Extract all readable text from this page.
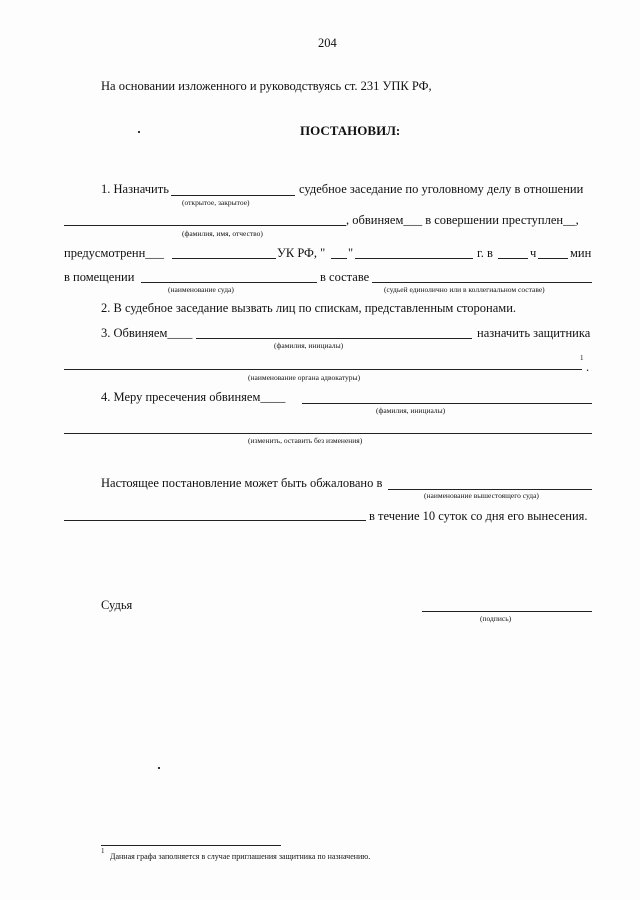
204
На основании изложенного и руководствуясь ст. 231 УПК РФ,
ПОСТАНОВИЛ:
1. Назначить	судебное заседание по уголовному делу в отношении
(открытое, закрытое)
, обвиняем___ в совершении преступлен__,
(фамилия, имя, отчество)
предусмотренн___	УК РФ, " "	г. в	ч	мин
в помещении	в составе
(наименование суда)	(судьей единолично или в коллегиальном составе)
2. В судебное заседание вызвать лиц по спискам, представленным сторонами.
3. Обвиняем____	назначить защитника
(фамилия, инициалы)
1
.
(наименование органа адвокатуры)
4. Меру пресечения обвиняем____
(фамилия, инициалы)
(изменить, оставить без изменения)
Настоящее постановление может быть обжаловано в
(наименование вышестоящего суда)
в течение 10 суток со дня его вынесения.
Судья
(подпись)
1
Данная графа заполняется в случае приглашения защитника по назначению.
